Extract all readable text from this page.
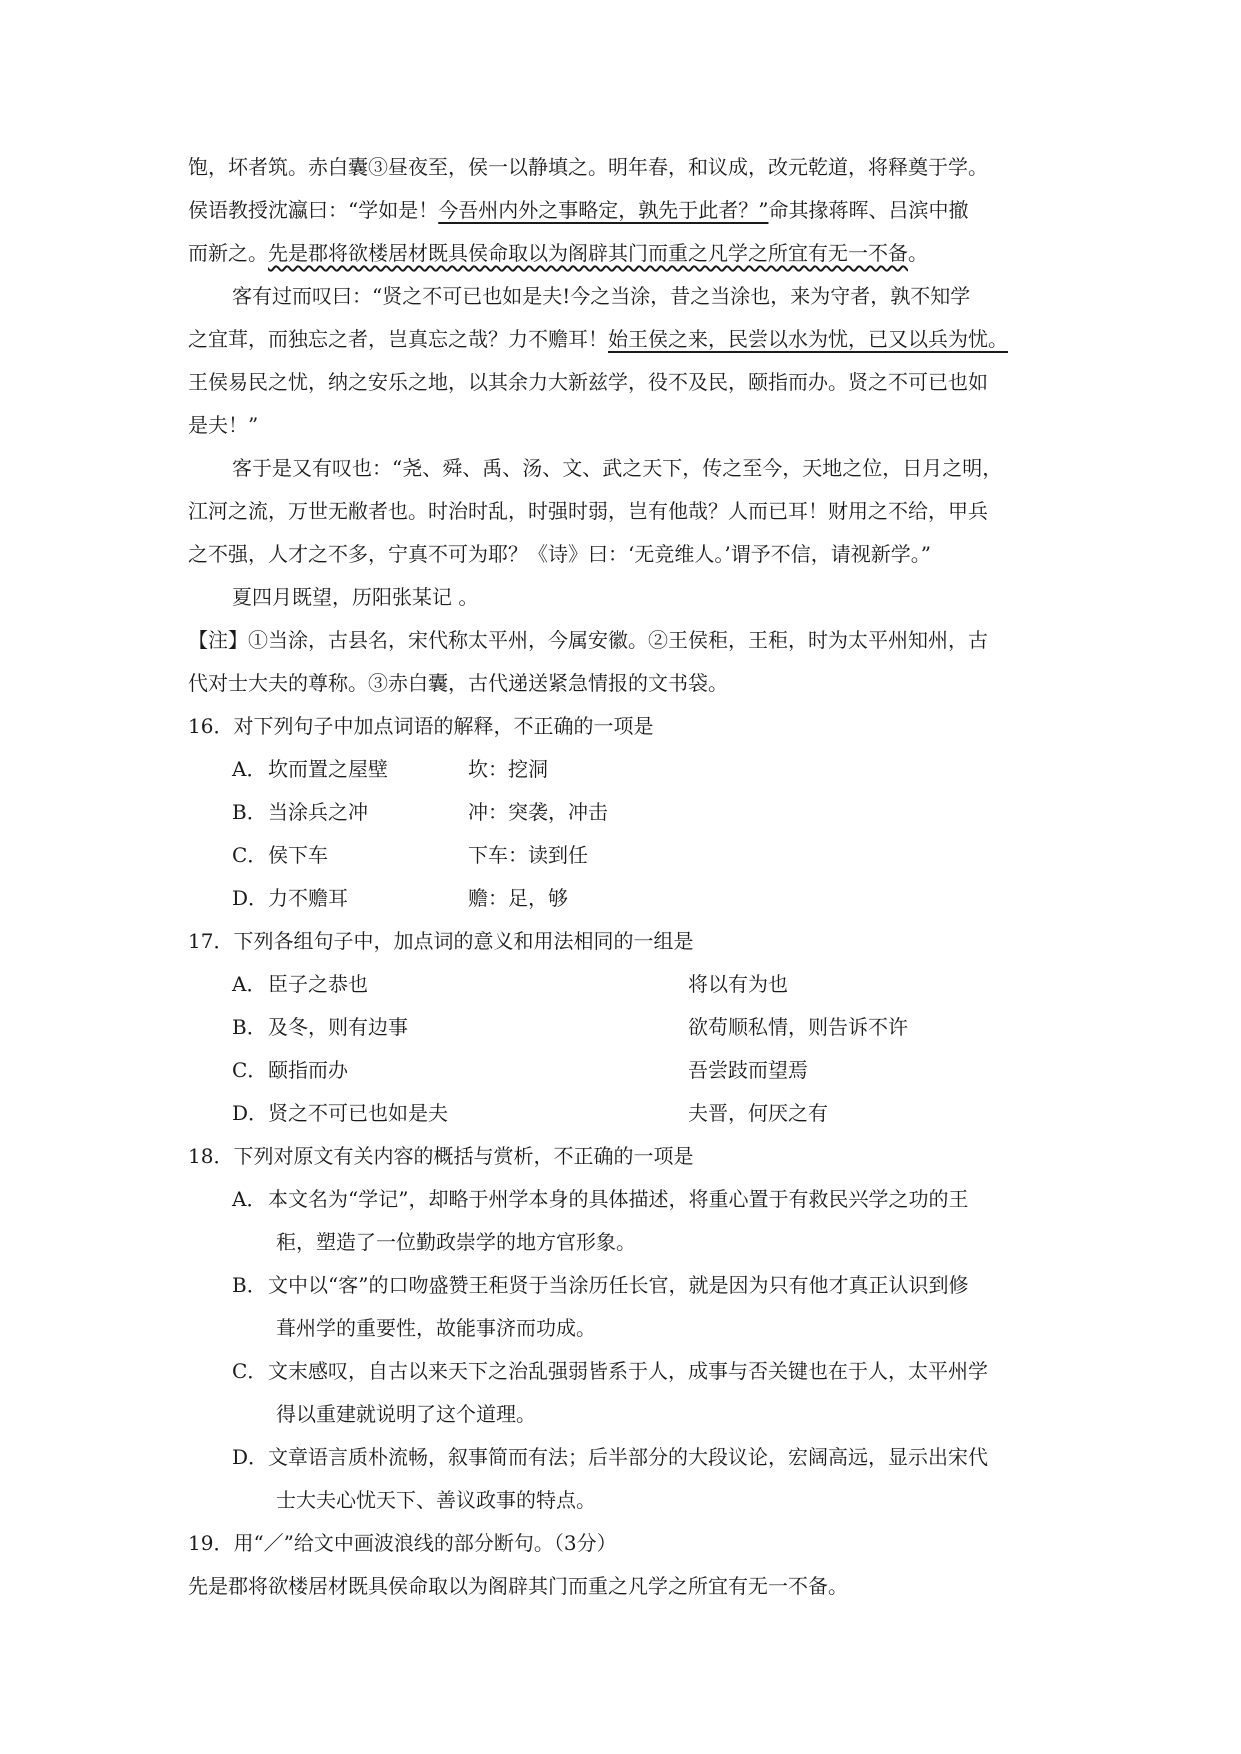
饱，坏者筑。赤白囊③昼夜至，侯一以静填之。明年春，和议成，改元乾道，将释奠于学。
侯语教授沈瀛曰：“学如是！今吾州内外之事略定，孰先于此者？”命其掾蒋晖、吕滨中撤
而新之。先是郡将欲楼居材既具侯命取以为阁辟其门而重之凡学之所宜有无一不备。
客有过而叹曰：“贤之不可已也如是夫!今之当涂，昔之当涂也，来为守者，孰不知学
之宜茸，而独忘之者，岂真忘之哉？力不赡耳！始王侯之来，民尝以水为忧，已又以兵为忧。
王侯易民之忧，纳之安乐之地，以其余力大新兹学，役不及民，颐指而办。贤之不可已也如
是夫！”
客于是又有叹也：“尧、舜、禹、汤、文、武之天下，传之至今，天地之位，日月之明，
江河之流，万世无敝者也。时治时乱，时强时弱，岂有他哉？人而已耳！财用之不给，甲兵
之不强，人才之不多，宁真不可为耶？《诗》曰：‘无竞维人。’谓予不信，请视新学。”
夏四月既望，历阳张某记 。
【注】①当涂，古县名，宋代称太平州，今属安徽。②王侯秬，王秬，时为太平州知州，古
代对士大夫的尊称。③赤白囊，古代递送紧急情报的文书袋。
16．对下列句子中加点词语的解释，不正确的一项是
A． 坎而置之屋壁	坎：挖洞
B． 当涂兵之冲	冲：突袭，冲击
C． 侯下车	下车：读到任
D． 力不赡耳	赡：足，够
17．下列各组句子中，加点词的意义和用法相同的一组是
A． 臣子之恭也	将以有为也
B． 及冬，则有边事	欲苟顺私情，则告诉不许
C． 颐指而办	吾尝跂而望焉
D． 贤之不可已也如是夫	夫晋，何厌之有
18．下列对原文有关内容的概括与赏析，不正确的一项是
A． 本文名为“学记”，却略于州学本身的具体描述，将重心置于有救民兴学之功的王
秬，塑造了一位勤政崇学的地方官形象。
B． 文中以“客”的口吻盛赞王秬贤于当涂历任长官，就是因为只有他才真正认识到修
葺州学的重要性，故能事济而功成。
C． 文末感叹，自古以来天下之治乱强弱皆系于人，成事与否关键也在于人，太平州学
得以重建就说明了这个道理。
D． 文章语言质朴流畅，叙事简而有法；后半部分的大段议论，宏阔高远，显示出宋代
士大夫心忧天下、善议政事的特点。
19．用“／”给文中画波浪线的部分断句。（3分）
先是郡将欲楼居材既具侯命取以为阁辟其门而重之凡学之所宜有无一不备。
